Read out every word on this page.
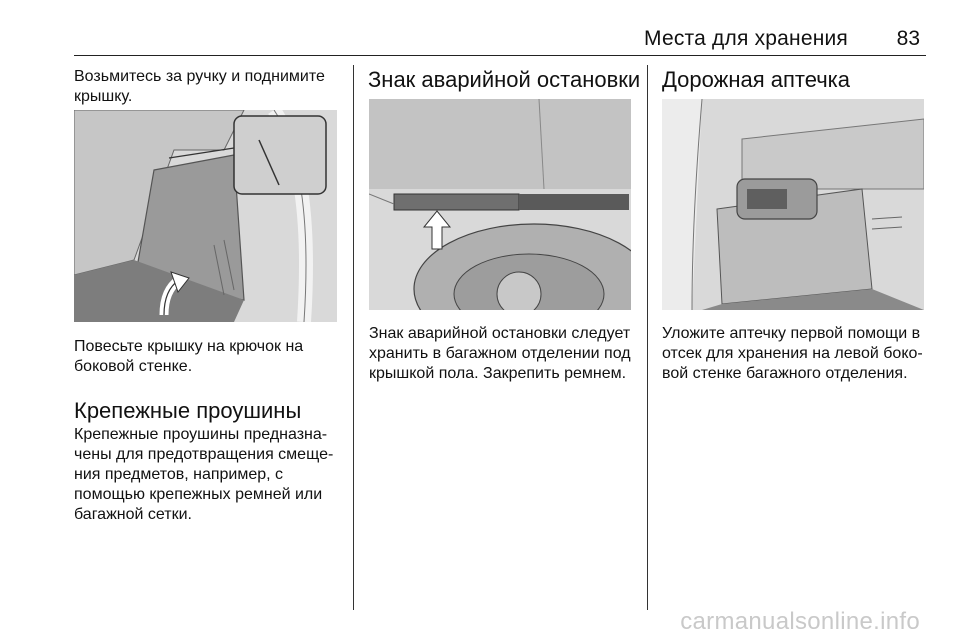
Места для хранения 83

Возьмитесь за ручку и поднимите крышку.

Повесьте крышку на крючок на боковой стенке.

Крепежные проушины

Крепежные проушины предназна- чены для предотвращения смеще- ния предметов, например, с помощью крепежных ремней или багажной сетки.

Знак аварийной остановки

Знак аварийной остановки следует хранить в багажном отделении под крышкой пола. Закрепить ремнем.

Дорожная аптечка

Уложите аптечку первой помощи в отсек для хранения на левой боко- вой стенке багажного отделения.

carmanualsonline.info
